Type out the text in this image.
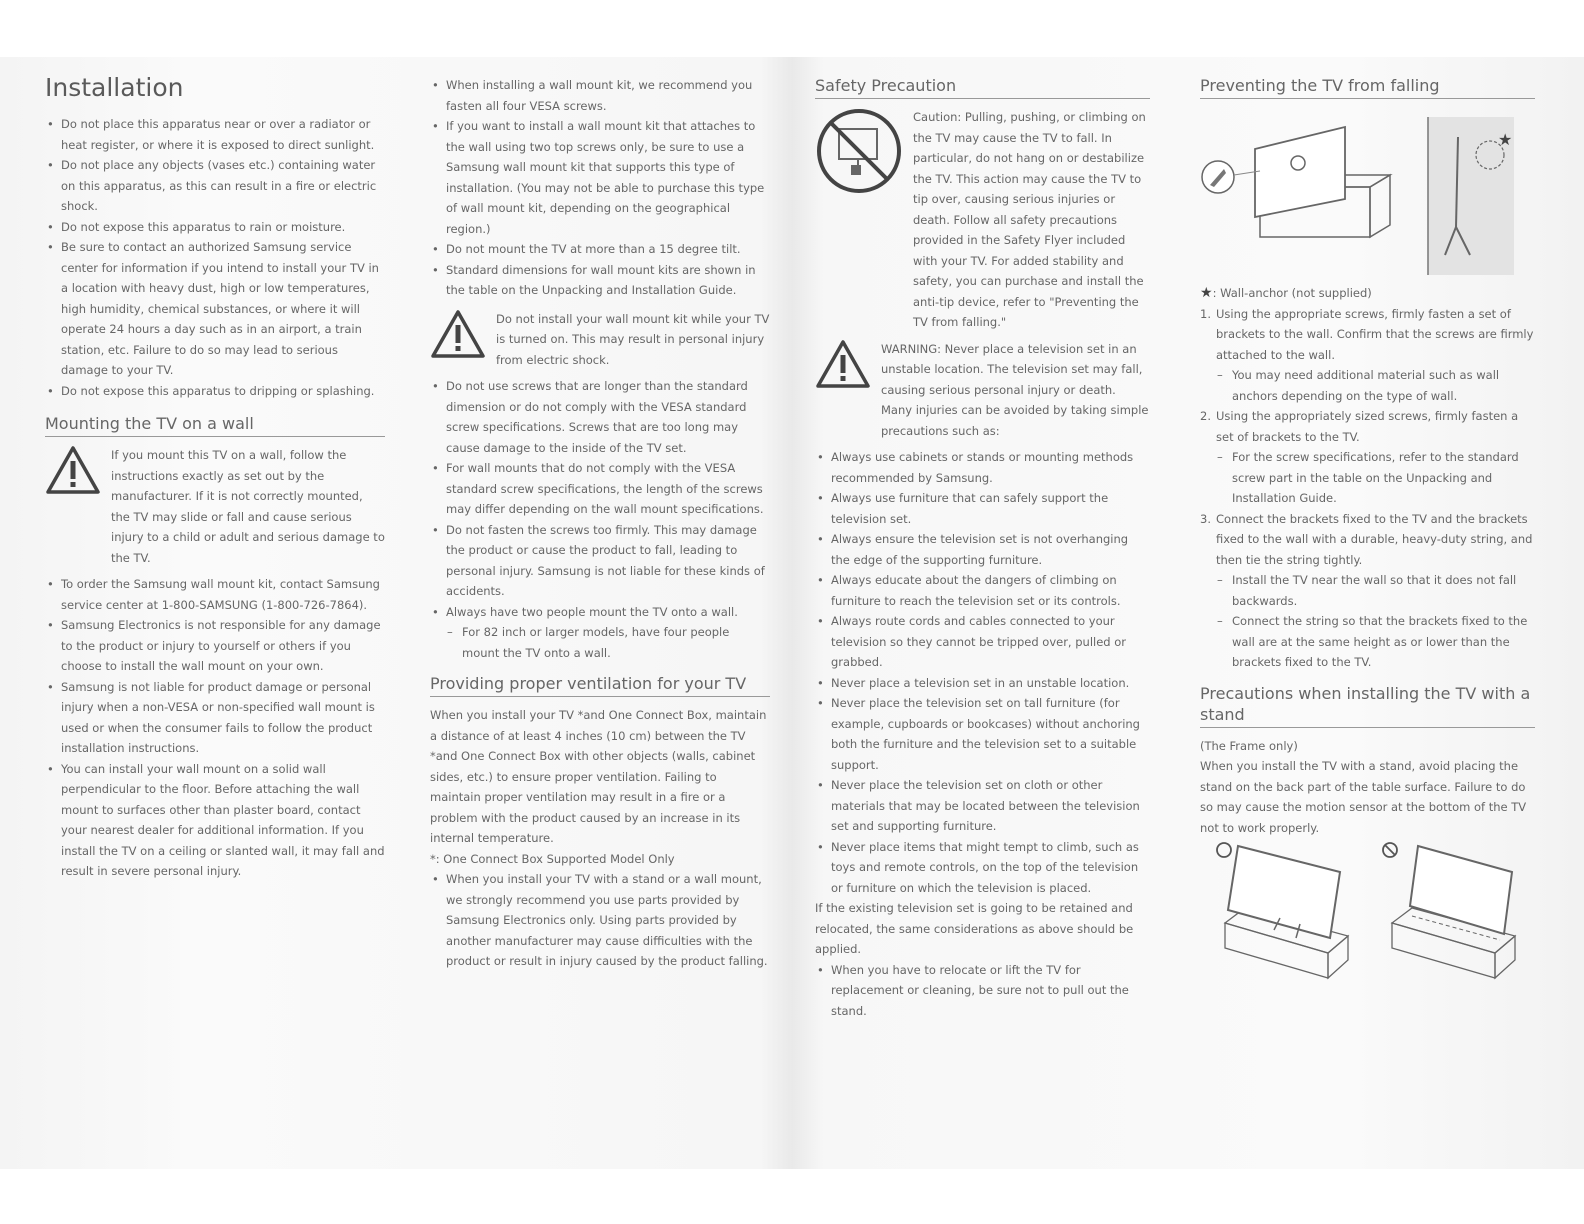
Installation
• Do not place this apparatus near or over a radiator or heat register, or where it is exposed to direct sunlight.
• Do not place any objects (vases etc.) containing water on this apparatus, as this can result in a fire or electric shock.
• Do not expose this apparatus to rain or moisture.
• Be sure to contact an authorized Samsung service center for information if you intend to install your TV in a location with heavy dust, high or low temperatures, high humidity, chemical substances, or where it will operate 24 hours a day such as in an airport, a train station, etc. Failure to do so may lead to serious damage to your TV.
• Do not expose this apparatus to dripping or splashing.
Mounting the TV on a wall
If you mount this TV on a wall, follow the instructions exactly as set out by the manufacturer. If it is not correctly mounted, the TV may slide or fall and cause serious injury to a child or adult and serious damage to the TV.
• To order the Samsung wall mount kit, contact Samsung service center at 1-800-SAMSUNG (1-800-726-7864).
• Samsung Electronics is not responsible for any damage to the product or injury to yourself or others if you choose to install the wall mount on your own.
• Samsung is not liable for product damage or personal injury when a non-VESA or non-specified wall mount is used or when the consumer fails to follow the product installation instructions.
• You can install your wall mount on a solid wall perpendicular to the floor. Before attaching the wall mount to surfaces other than plaster board, contact your nearest dealer for additional information. If you install the TV on a ceiling or slanted wall, it may fall and result in severe personal injury.
• When installing a wall mount kit, we recommend you fasten all four VESA screws.
• If you want to install a wall mount kit that attaches to the wall using two top screws only, be sure to use a Samsung wall mount kit that supports this type of installation. (You may not be able to purchase this type of wall mount kit, depending on the geographical region.)
• Do not mount the TV at more than a 15 degree tilt.
• Standard dimensions for wall mount kits are shown in the table on the Unpacking and Installation Guide.
Do not install your wall mount kit while your TV is turned on. This may result in personal injury from electric shock.
• Do not use screws that are longer than the standard dimension or do not comply with the VESA standard screw specifications. Screws that are too long may cause damage to the inside of the TV set.
• For wall mounts that do not comply with the VESA standard screw specifications, the length of the screws may differ depending on the wall mount specifications.
• Do not fasten the screws too firmly. This may damage the product or cause the product to fall, leading to personal injury. Samsung is not liable for these kinds of accidents.
• Always have two people mount the TV onto a wall.
– For 82 inch or larger models, have four people mount the TV onto a wall.
Providing proper ventilation for your TV

When you install your TV *and One Connect Box, maintain a distance of at least 4 inches (10 cm) between the TV *and One Connect Box with other objects (walls, cabinet sides, etc.) to ensure proper ventilation. Failing to maintain proper ventilation may result in a fire or a problem with the product caused by an increase in its internal temperature.

*: One Connect Box Supported Model Only

• When you install your TV with a stand or a wall mount, we strongly recommend you use parts provided by Samsung Electronics only. Using parts provided by another manufacturer may cause difficulties with the product or result in injury caused by the product falling.
Safety Precaution
Caution: Pulling, pushing, or climbing on the TV may cause the TV to fall. In particular, do not hang on or destabilize the TV. This action may cause the TV to tip over, causing serious injuries or death. Follow all safety precautions provided in the Safety Flyer included with your TV. For added stability and safety, you can purchase and install the anti-tip device, refer to "Preventing the TV from falling."
WARNING: Never place a television set in an unstable location. The television set may fall, causing serious personal injury or death. Many injuries can be avoided by taking simple precautions such as:
• Always use cabinets or stands or mounting methods recommended by Samsung.
• Always use furniture that can safely support the television set.
• Always ensure the television set is not overhanging the edge of the supporting furniture.
• Always educate about the dangers of climbing on furniture to reach the television set or its controls.
• Always route cords and cables connected to your television so they cannot be tripped over, pulled or grabbed.
• Never place a television set in an unstable location.
• Never place the television set on tall furniture (for example, cupboards or bookcases) without anchoring both the furniture and the television set to a suitable support.
• Never place the television set on cloth or other materials that may be located between the television set and supporting furniture.
• Never place items that might tempt to climb, such as toys and remote controls, on the top of the television or furniture on which the television is placed.

If the existing television set is going to be retained and relocated, the same considerations as above should be applied.

• When you have to relocate or lift the TV for replacement or cleaning, be sure not to pull out the stand.
Preventing the TV from falling
★

★: Wall-anchor (not supplied)

1. Using the appropriate screws, firmly fasten a set of brackets to the wall. Confirm that the screws are firmly attached to the wall.
– You may need additional material such as wall anchors depending on the type of wall.
2. Using the appropriately sized screws, firmly fasten a set of brackets to the TV.
– For the screw specifications, refer to the standard screw part in the table on the Unpacking and Installation Guide.
3. Connect the brackets fixed to the TV and the brackets fixed to the wall with a durable, heavy-duty string, and then tie the string tightly.
– Install the TV near the wall so that it does not fall backwards.
– Connect the string so that the brackets fixed to the wall are at the same height as or lower than the brackets fixed to the TV.
Precautions when installing the TV with a stand

(The Frame only)

When you install the TV with a stand, avoid placing the stand on the back part of the table surface. Failure to do so may cause the motion sensor at the bottom of the TV not to work properly.
